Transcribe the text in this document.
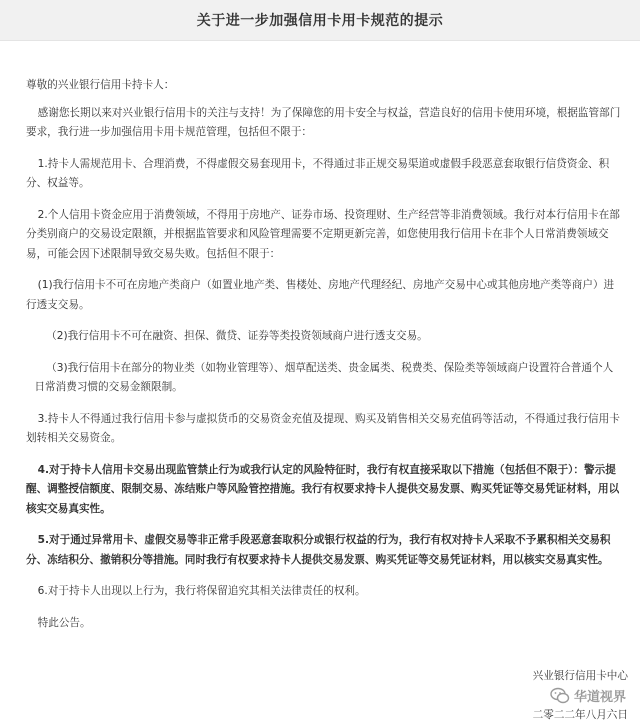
关于进一步加强信用卡用卡规范的提示

尊敬的兴业银行信用卡持卡人：

感谢您长期以来对兴业银行信用卡的关注与支持！为了保障您的用卡安全与权益，营造良好的信用卡使用环境，根据监管部门要求，我行进一步加强信用卡用卡规范管理，包括但不限于：

1.持卡人需规范用卡、合理消费，不得虚假交易套现用卡，不得通过非正规交易渠道或虚假手段恶意套取银行信贷资金、积分、权益等。

2.个人信用卡资金应用于消费领域，不得用于房地产、证券市场、投资理财、生产经营等非消费领域。我行对本行信用卡在部分类别商户的交易设定限额，并根据监管要求和风险管理需要不定期更新完善，如您使用我行信用卡在非个人日常消费领域交易，可能会因下述限制导致交易失败。包括但不限于：

(1)我行信用卡不可在房地产类商户（如置业地产类、售楼处、房地产代理经纪、房地产交易中心或其他房地产类等商户）进行透支交易。

（2)我行信用卡不可在融资、担保、微贷、证券等类投资领域商户进行透支交易。

（3)我行信用卡在部分的物业类（如物业管理等）、烟草配送类、贵金属类、税费类、保险类等领域商户设置符合普通个人日常消费习惯的交易金额限制。

3.持卡人不得通过我行信用卡参与虚拟货币的交易资金充值及提现、购买及销售相关交易充值码等活动，不得通过我行信用卡划转相关交易资金。

4.对于持卡人信用卡交易出现监管禁止行为或我行认定的风险特征时，我行有权直接采取以下措施（包括但不限于）：警示提醒、调整授信额度、限制交易、冻结账户等风险管控措施。我行有权要求持卡人提供交易发票、购买凭证等交易凭证材料，用以核实交易真实性。

5.对于通过异常用卡、虚假交易等非正常手段恶意套取积分或银行权益的行为，我行有权对持卡人采取不予累积相关交易积分、冻结积分、撤销积分等措施。同时我行有权要求持卡人提供交易发票、购买凭证等交易凭证材料，用以核实交易真实性。

6.对于持卡人出现以上行为，我行将保留追究其相关法律责任的权利。

特此公告。

兴业银行信用卡中心
华道视界
二零二二年八月六日
